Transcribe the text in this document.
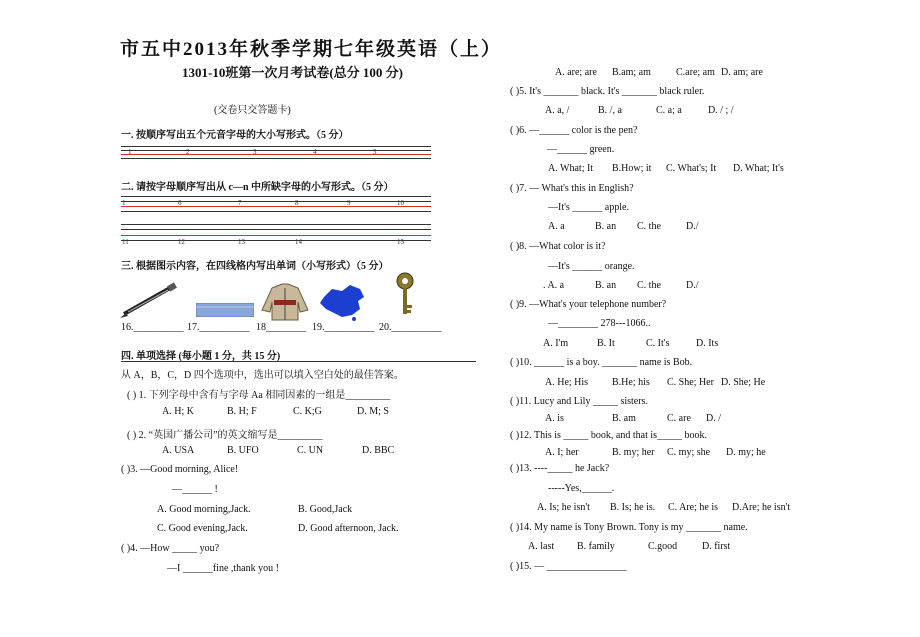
市五中2013年秋季学期七年级英语（上）
1301-10班第一次月考试卷(总分 100 分)
(交卷只交答题卡)
一. 按顺序写出五个元音字母的大小写形式。（5 分）
1	2	3	4	5
二. 请按字母顺序写出从 c—n 中所缺字母的小写形式。（5 分）
1	6	7	8	9	10
11	12	13	14	15
三. 根据图示内容，在四线格内写出单词（小写形式）（5 分）
16.__________ 17.__________ 18________ 19.__________ 20.__________
四. 单项选择 (每小题 1 分，共 15 分)
从 A，B，C，D 四个选项中，选出可以填入空白处的最佳答案。
( ) 1. 下列字母中含有与字母 Aa 相同因素的一组是_________
A. H; K	B. H; F	C. K;G	D. M; S
( ) 2. “英国广播公司”的英文缩写是_________
A. USA	B. UFO	C. UN	D. BBC
( )3. —Good morning, Alice!
—______ !
A. Good morning,Jack.	B. Good,Jack
C. Good evening,Jack.	D. Good afternoon, Jack.
( )4. —How _____ you?
—I ______fine ,thank you !
A. are; are B.am; am	C.are; am D. am; are
( )5. It's _______ black. It's _______ black ruler.
A. a, /	B. /, a	C. a; a	D. / ; /
( )6. —______ color is the pen?
—______ green.
A. What; It B.How; it C. What's; It D. What; It's
( )7. — What's this in English?
—It's ______ apple.
A. a	B. an C. the	D./
( )8. —What color is it?
—It's ______ orange.
. A. a	B. an C. the	D./
( )9. —What's your telephone number?
—________ 278---1066..
A. I'm	B. It	C. It's	D. Its
( )10. ______ is a boy. _______ name is Bob.
A. He; His B.He; his C. She; Her D. She; He
( )11. Lucy and Lily _____ sisters.
A. is	B. am	C. are D. /
( )12. This is _____ book, and that is_____ book.
A. I; her	B. my; her C. my; she D. my; he
( )13. ----_____ he Jack?
-----Yes,______.
A. Is; he isn't B. Is; he is. C. Are; he is D.Are; he isn't
( )14. My name is Tony Brown. Tony is my _______ name.
A. last B. family	C.good D. first
( )15. — ________________
